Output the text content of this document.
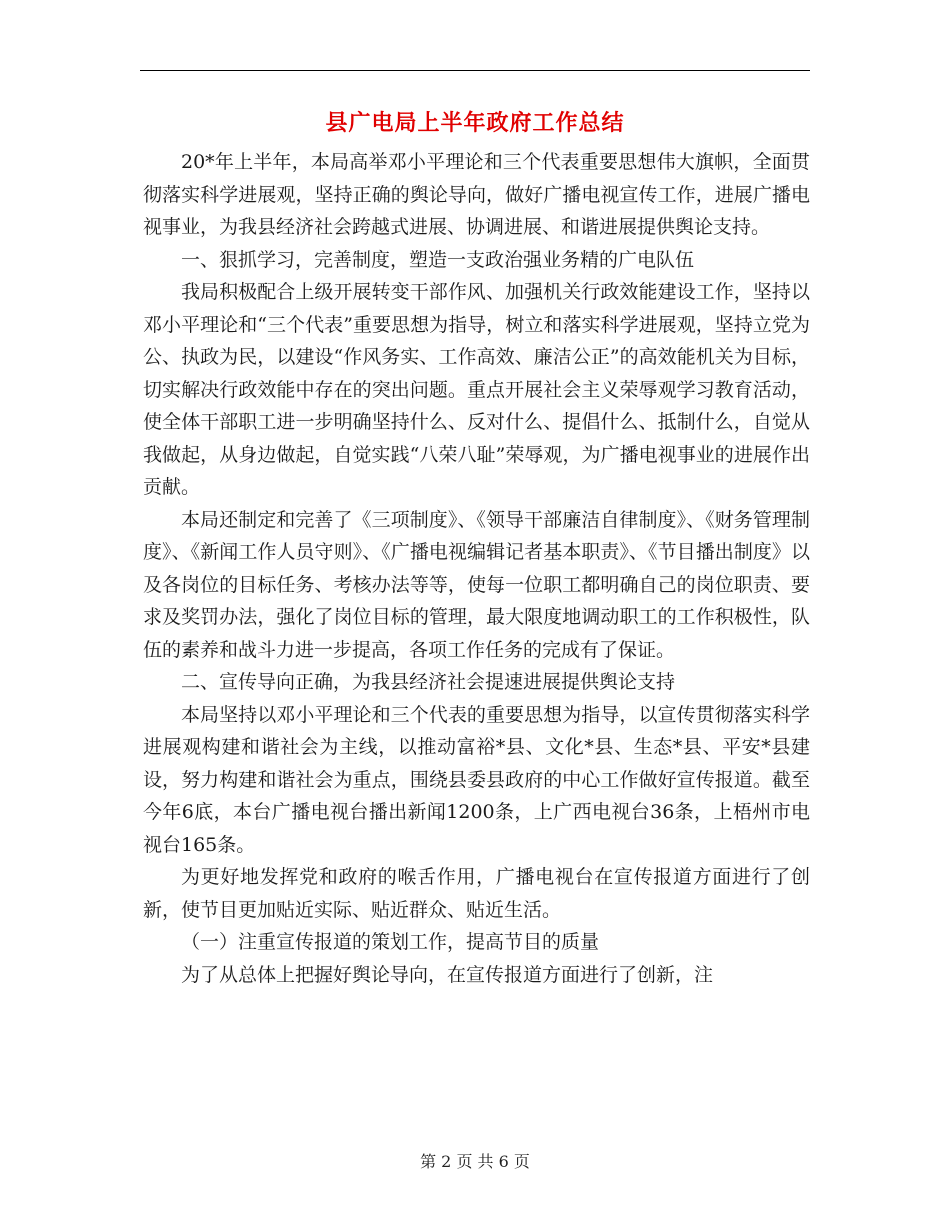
县广电局上半年政府工作总结

20*年上半年，本局高举邓小平理论和三个代表重要思想伟大旗帜，全面贯彻落实科学进展观，坚持正确的舆论导向，做好广播电视宣传工作，进展广播电视事业，为我县经济社会跨越式进展、协调进展、和谐进展提供舆论支持。

一、狠抓学习，完善制度，塑造一支政治强业务精的广电队伍

我局积极配合上级开展转变干部作风、加强机关行政效能建设工作，坚持以邓小平理论和“三个代表”重要思想为指导，树立和落实科学进展观，坚持立党为公、执政为民，以建设“作风务实、工作高效、廉洁公正”的高效能机关为目标，切实解决行政效能中存在的突出问题。重点开展社会主义荣辱观学习教育活动，使全体干部职工进一步明确坚持什么、反对什么、提倡什么、抵制什么，自觉从我做起，从身边做起，自觉实践“八荣八耻”荣辱观，为广播电视事业的进展作出贡献。

本局还制定和完善了《三项制度》、《领导干部廉洁自律制度》、《财务管理制度》、《新闻工作人员守则》、《广播电视编辑记者基本职责》、《节目播出制度》以及各岗位的目标任务、考核办法等等，使每一位职工都明确自己的岗位职责、要求及奖罚办法，强化了岗位目标的管理，最大限度地调动职工的工作积极性，队伍的素养和战斗力进一步提高，各项工作任务的完成有了保证。

二、宣传导向正确，为我县经济社会提速进展提供舆论支持

本局坚持以邓小平理论和三个代表的重要思想为指导，以宣传贯彻落实科学进展观构建和谐社会为主线，以推动富裕*县、文化*县、生态*县、平安*县建设，努力构建和谐社会为重点，围绕县委县政府的中心工作做好宣传报道。截至今年6底，本台广播电视台播出新闻1200条，上广西电视台36条，上梧州市电视台165条。

为更好地发挥党和政府的喉舌作用，广播电视台在宣传报道方面进行了创新，使节目更加贴近实际、贴近群众、贴近生活。

（一）注重宣传报道的策划工作，提高节目的质量

为了从总体上把握好舆论导向，在宣传报道方面进行了创新，注

第 2 页 共 6 页
